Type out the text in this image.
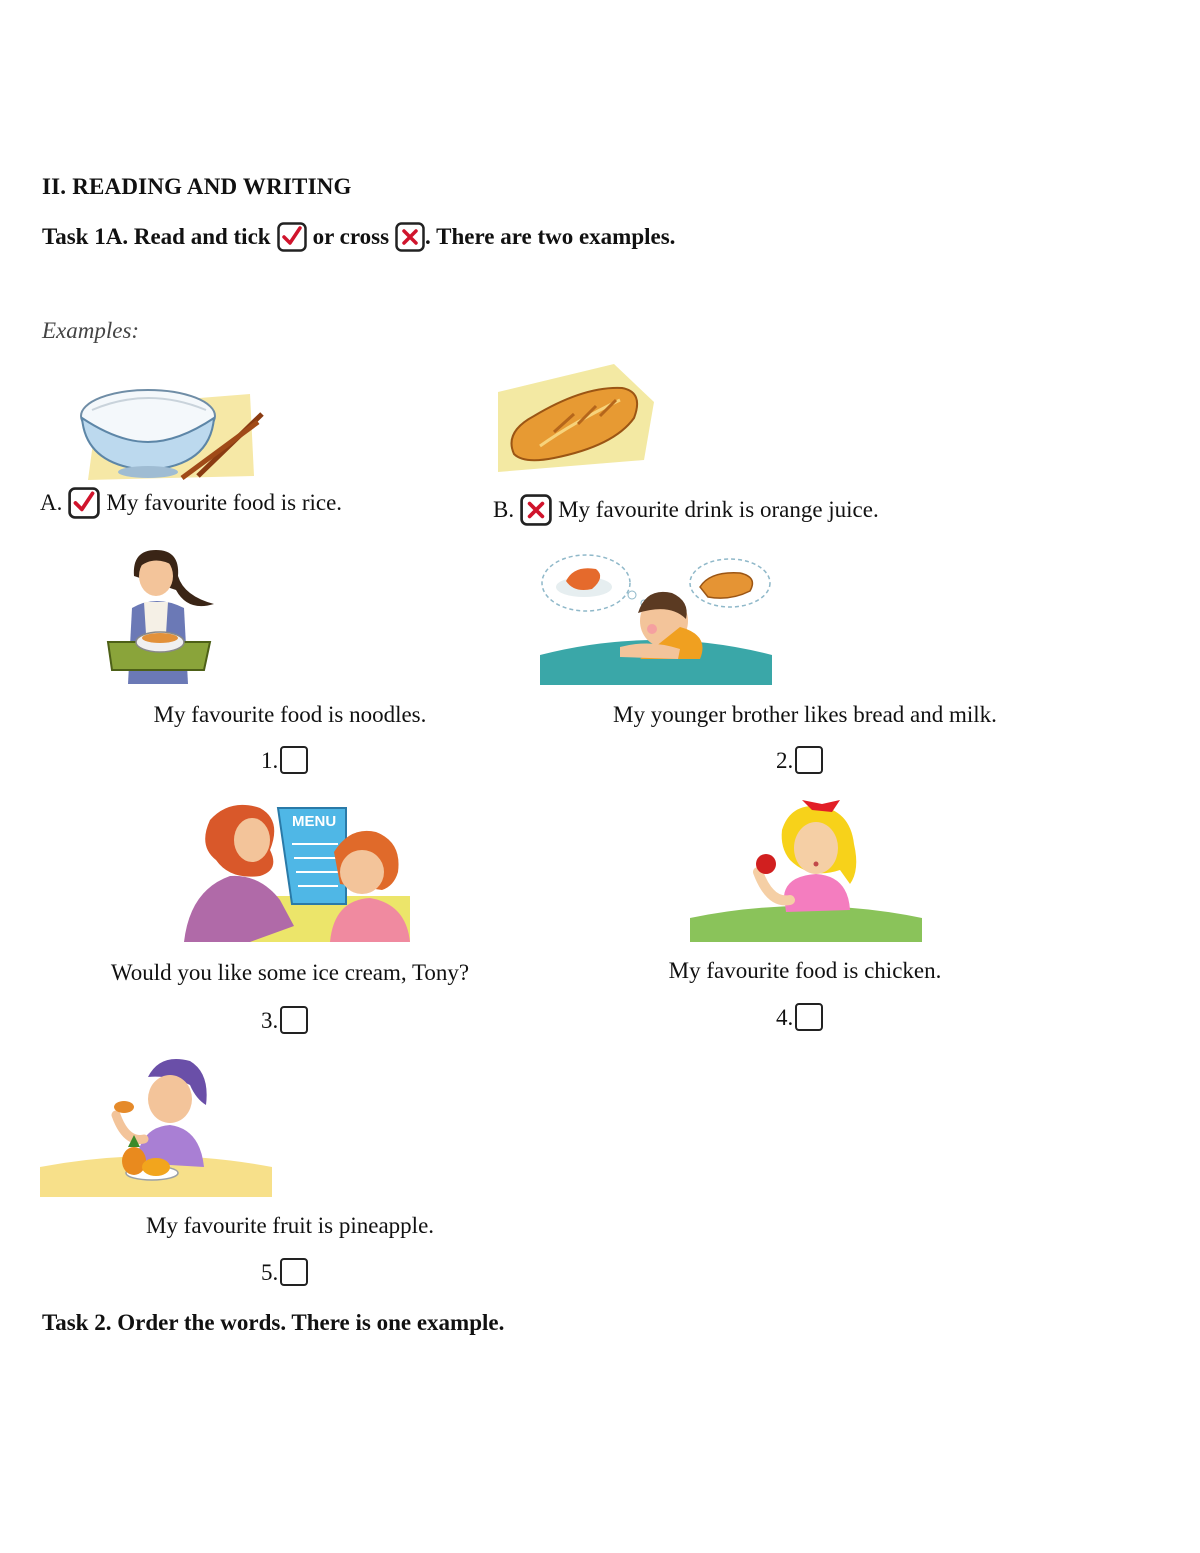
II. READING AND WRITING
Task 1A. Read and tick or cross ☒ . There are two examples.
Examples:
A. My favourite food is rice.	B. ☒ My favourite drink is orange juice.
My favourite food is noodles.
1.
My younger brother likes bread and milk.
2.
MENU
Would you like some ice cream, Tony?
3.
My favourite food is chicken.
4.
My favourite fruit is pineapple.
5.
Task 2. Order the words. There is one example.
